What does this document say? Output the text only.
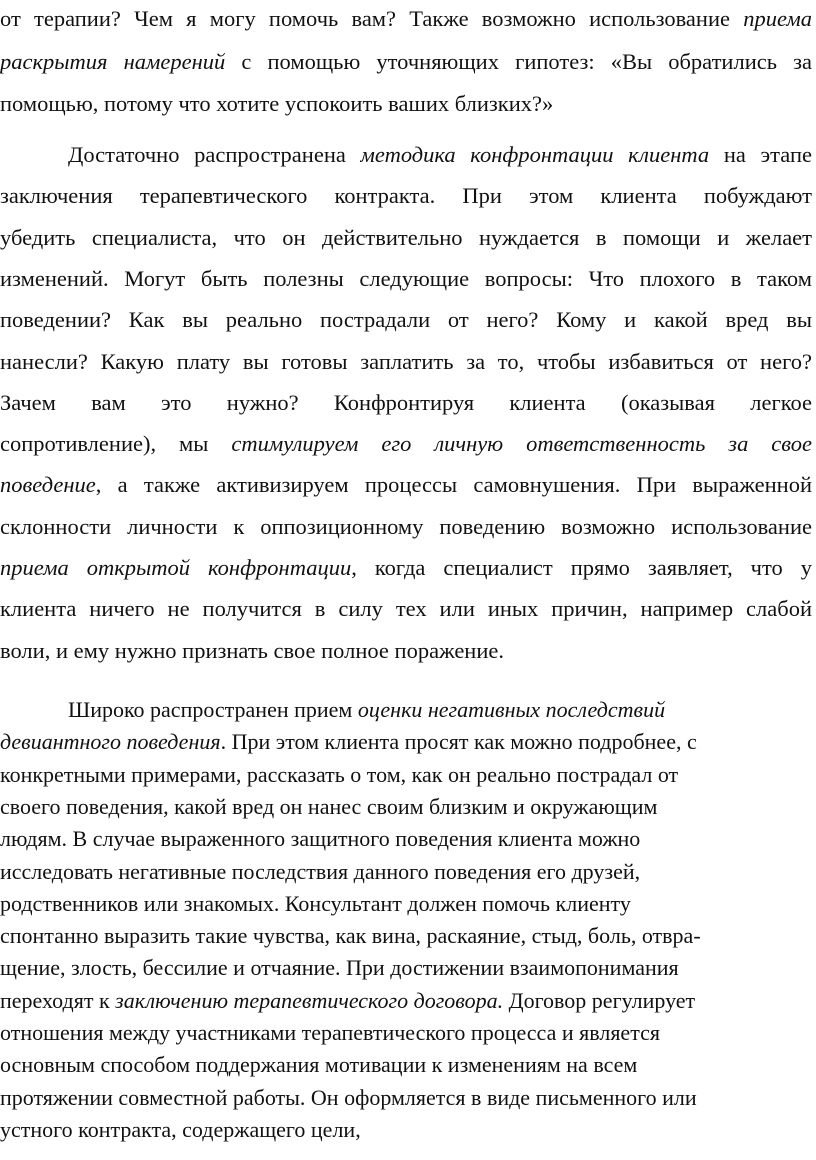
от терапии? Чем я могу помочь вам? Также возможно использование приема
раскрытия намерений с помощью уточняющих гипотез: «Вы обратились за
помощью, потому что хотите успокоить ваших близких?»
Достаточно распространена методика конфронтации клиента на этапе
заключения терапевтического контракта. При этом клиента побуждают
убедить специалиста, что он действительно нуждается в помощи и желает
изменений. Могут быть полезны следующие вопросы: Что плохого в таком
поведении? Как вы реально пострадали от него? Кому и какой вред вы
нанесли? Какую плату вы готовы заплатить за то, чтобы избавиться от него?
Зачем вам это нужно? Конфронтируя клиента (оказывая легкое
сопротивление), мы стимулируем его личную ответственность за свое
поведение, а также активизируем процессы самовнушения. При выраженной
склонности личности к оппозиционному поведению возможно использование
приема открытой конфронтации, когда специалист прямо заявляет, что у
клиента ничего не получится в силу тех или иных причин, например слабой
воли, и ему нужно признать свое полное поражение.
Широко распространен прием оценки негативных последствий
девиантного поведения. При этом клиента просят как можно подробнее, с
конкретными примерами, рассказать о том, как он реально пострадал от
своего поведения, какой вред он нанес своим близким и окружающим
людям. В случае выраженного защитного поведения клиента можно
исследовать негативные последствия данного поведения его друзей,
родственников или знакомых. Консультант должен помочь клиенту
спонтанно выразить такие чувства, как вина, раскаяние, стыд, боль, отвра-
щение, злость, бессилие и отчаяние. При достижении взаимопонимания
переходят к заключению терапевтического договора. Договор регулирует
отношения между участниками терапевтического процесса и является
основным способом поддержания мотивации к изменениям на всем
протяжении совместной работы. Он оформляется в виде письменного или
устного контракта, содержащего цели,
